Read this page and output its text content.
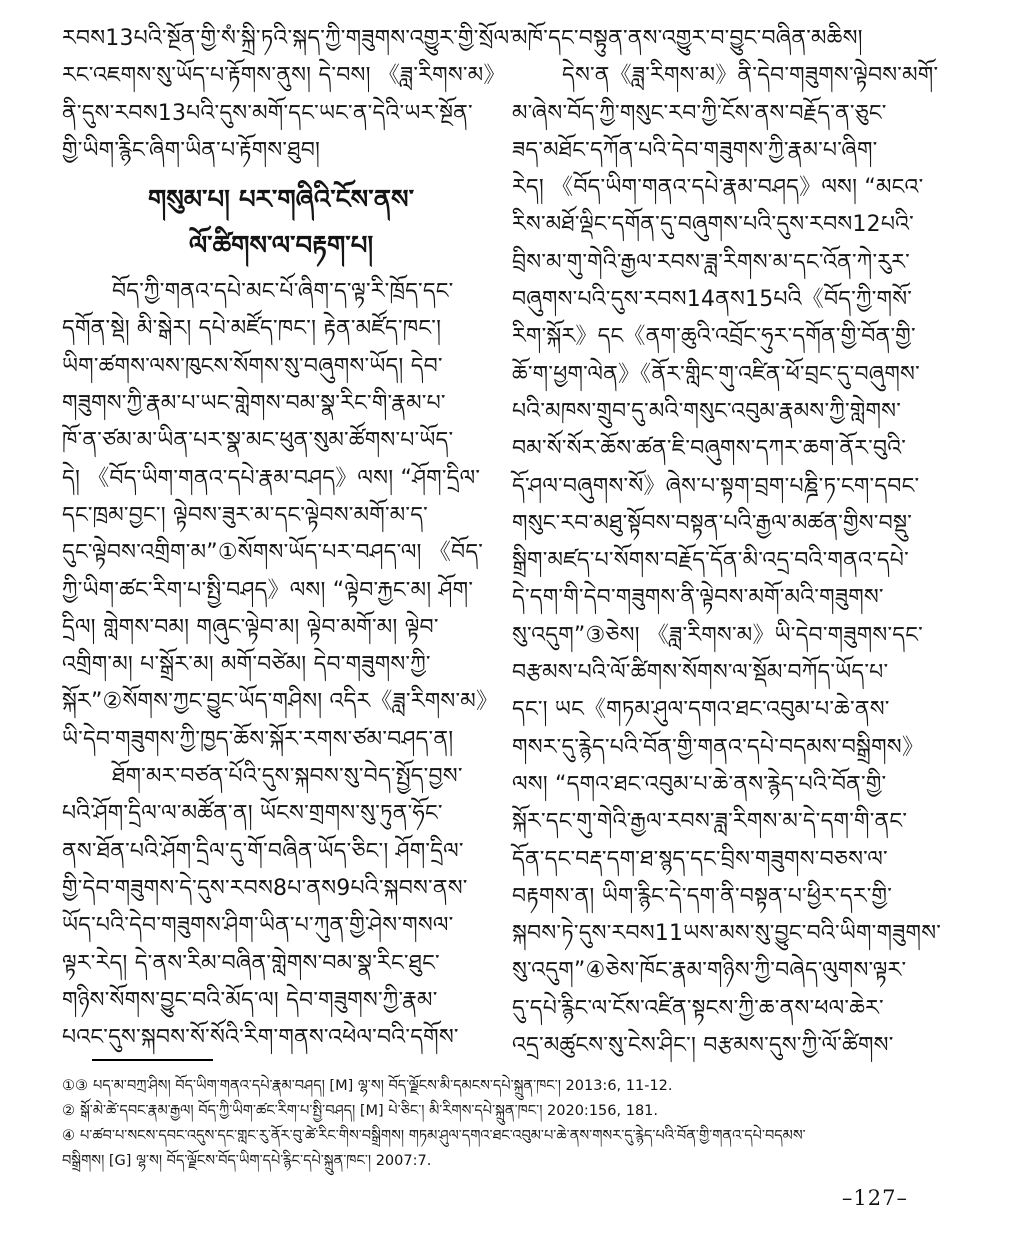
རབས13པའི་སྔོན་གྱི་སཾ་སྐྲི་ཏའི་སྐད་ཀྱི་གཟུགས་འགྱུར་གྱི་སྲོལ་
རང་འཇགས་སུ་ཡོད་པ་རྟོགས་ནུས། དེ་བས། 《ཟླ་རིགས་མ》
ནི་དུས་རབས13པའི་དུས་མགོ་དང་ཡང་ན་དེའི་ཡར་སྔོན་
གྱི་ཡིག་རྙིང་ཞིག་ཡིན་པ་རྟོགས་ཐུབ།
གསུམ་པ། པར་གཞིའི་ངོས་ནས་
ལོ་ཚིགས་ལ་བརྟག་པ།
བོད་ཀྱི་གནའ་དཔེ་མང་པོ་ཞིག་ད་ལྟ་རི་ཁྲོད་དང་
དགོན་སྡེ། མི་སྒེར། དཔེ་མཛོད་ཁང་། རྟེན་མཛོད་ཁང་།
ཡིག་ཚགས་ལས་ཁུངས་སོགས་སུ་བཞུགས་ཡོད། དེབ་
གཟུགས་ཀྱི་རྣམ་པ་ཡང་གླེགས་བམ་སྣ་རིང་གི་རྣམ་པ་
ཁོ་ན་ཙམ་མ་ཡིན་པར་སྣ་མང་ཕུན་སུམ་ཚོགས་པ་ཡོད་
དེ། 《བོད་ཡིག་གནའ་དཔེ་རྣམ་བཤད》ལས། “ཤོག་དྲིལ་
དང་ཁྲམ་བྱང་། ལྟེབས་ཟུར་མ་དང་ལྟེབས་མགོ་མ་ད་
དུང་ལྟེབས་འགྲིག་མ”①སོགས་ཡོད་པར་བཤད་ལ། 《བོད་
ཀྱི་ཡིག་ཚང་རིག་པ་སྤྱི་བཤད》ལས། “ལྟེབ་རྐྱང་མ། ཤོག་
དྲིལ། གླེགས་བམ། གཞུང་ལྟེབ་མ། ལྟེབ་མགོ་མ། ལྟེབ་
འགྲིག་མ། པ་སྒྲོར་མ། མགོ་བཙེམ། དེབ་གཟུགས་ཀྱི་
སྐོར”②སོགས་ཀྱང་བྱུང་ཡོད་གཤིས། འདིར《ཟླ་རིགས་མ》
ཡི་དེབ་གཟུགས་ཀྱི་ཁྱད་ཆོས་སྐོར་རགས་ཙམ་བཤད་ན།
ཐོག་མར་བཙན་པོའི་དུས་སྐབས་སུ་བེད་སྤྱོད་བྱས་
པའི་ཤོག་དྲིལ་ལ་མཚོན་ན། ཡོངས་གྲགས་སུ་ཏུན་ཧོང་
ནས་ཐོན་པའི་ཤོག་དྲིལ་དུ་གོ་བཞིན་ཡོད་ཅིང་། ཤོག་དྲིལ་
གྱི་དེབ་གཟུགས་དེ་དུས་རབས8པ་ནས9པའི་སྐབས་ནས་
ཡོད་པའི་དེབ་གཟུགས་ཤིག་ཡིན་པ་ཀུན་གྱི་ཤེས་གསལ་
ལྟར་རེད། དེ་ནས་རིམ་བཞིན་གླེགས་བམ་སྣ་རིང་ཐུང་
གཉིས་སོགས་བྱུང་བའི་མོད་ལ། དེབ་གཟུགས་ཀྱི་རྣམ་
པའང་དུས་སྐབས་སོ་སོའི་རིག་གནས་འཕེལ་བའི་དགོས་
མཁོ་དང་བསྟུན་ནས་འགྱུར་བ་བྱུང་བཞིན་མཆིས།
དེས་ན《ཟླ་རིགས་མ》ནི་དེབ་གཟུགས་ལྟེབས་མགོ་
མ་ཞེས་བོད་ཀྱི་གསུང་རབ་ཀྱི་ངོས་ནས་བརྗོད་ན་ཅུང་
ཟད་མཐོང་དཀོན་པའི་དེབ་གཟུགས་ཀྱི་རྣམ་པ་ཞིག་
རེད། 《བོད་ཡིག་གནའ་དཔེ་རྣམ་བཤད》ལས། “མངའ་
རིས་མཐོ་ལྡིང་དགོན་དུ་བཞུགས་པའི་དུས་རབས12པའི་
བྲིས་མ་གུ་གེའི་རྒྱལ་རབས་ཟླ་རིགས་མ་དང་འོན་ཀེ་རུར་
བཞུགས་པའི་དུས་རབས14ནས15པའི《བོད་ཀྱི་གསོ་
རིག་སྐོར》དང《ནག་ཆུའི་འབྲོང་ཧུར་དགོན་གྱི་བོན་གྱི་
ཆོ་ག་ཕྱག་ལེན》《ནོར་གླིང་གུ་འཛིན་ཕོ་བྲང་དུ་བཞུགས་
པའི་མཁས་གྲུབ་དུ་མའི་གསུང་འབུམ་རྣམས་ཀྱི་གླེགས་
བམ་སོ་སོར་ཆོས་ཚན་ཇི་བཞུགས་དཀར་ཆག་ནོར་བུའི་
དོ་ཤལ་བཞུགས་སོ》ཞེས་པ་སྟག་བྲག་པཎྜི་ཏ་ངག་དབང་
གསུང་རབ་མཐུ་སྟོབས་བསྟན་པའི་རྒྱལ་མཚན་གྱིས་བསྡུ་
སྒྲིག་མཛད་པ་སོགས་བརྗོད་དོན་མི་འདྲ་བའི་གནའ་དཔེ་
དེ་དག་གི་དེབ་གཟུགས་ནི་ལྟེབས་མགོ་མའི་གཟུགས་
སུ་འདུག”③ཅེས། 《ཟླ་རིགས་མ》ཡི་དེབ་གཟུགས་དང་
བརྩམས་པའི་ལོ་ཚིགས་སོགས་ལ་སྡོམ་བཀོད་ཡོད་པ་
དང་། ཡང《གཏམ་ཤུལ་དགའ་ཐང་འབུམ་པ་ཆེ་ནས་
གསར་དུ་རྙེད་པའི་བོན་གྱི་གནའ་དཔེ་བདམས་བསྒྲིགས》
ལས། “དགའ་ཐང་འབུམ་པ་ཆེ་ནས་རྙེད་པའི་བོན་གྱི་
སྐོར་དང་གུ་གེའི་རྒྱལ་རབས་ཟླ་རིགས་མ་དེ་དག་གི་ནང་
དོན་དང་བརྡ་དག་ཐ་སྙད་དང་བྲིས་གཟུགས་བཅས་ལ་
བརྟགས་ན། ཡིག་རྙིང་དེ་དག་ནི་བསྟན་པ་ཕྱིར་དར་གྱི་
སྐབས་ཏེ་དུས་རབས11ཡས་མས་སུ་བྱུང་བའི་ཡིག་གཟུགས་
སུ་འདུག”④ཅེས་ཁོང་རྣམ་གཉིས་ཀྱི་བཞེད་ལུགས་ལྟར་
དུ་དཔེ་རྙིང་ལ་ངོས་འཛིན་སྟངས་ཀྱི་ཆ་ནས་ཕལ་ཆེར་
འདྲ་མཚུངས་སུ་ངེས་ཤིང་། བརྩམས་དུས་ཀྱི་ལོ་ཚིགས་
①③ པད་མ་བཀྲ་ཤིས། བོད་ཡིག་གནའ་དཔེ་རྣམ་བཤད། [M] ལྷ་ས། བོད་ལྗོངས་མི་དམངས་དཔེ་སྐྲུན་ཁང་། 2013:6, 11-12.
② སྒོ་མེ་ཚེ་དབང་རྣམ་རྒྱལ། བོད་ཀྱི་ཡིག་ཚང་རིག་པ་སྤྱི་བཤད། [M] པེ་ཅིང་། མི་རིགས་དཔེ་སྐྲུན་ཁང་། 2020:156, 181.
④ པ་ཚབ་པ་སངས་དབང་འདུས་དང་གླང་རུ་ནོར་བུ་ཚེ་རིང་གིས་བསྒྲིགས། གཏམ་ཤུལ་དགའ་ཐང་འབུམ་པ་ཆེ་ནས་གསར་དུ་རྙེད་པའི་བོན་གྱི་གནའ་དཔེ་བདམས་
བསྒྲིགས། [G] ལྷ་ས། བོད་ལྗོངས་བོད་ཡིག་དཔེ་རྙིང་དཔེ་སྐྲུན་ཁང་། 2007:7.
–127–
